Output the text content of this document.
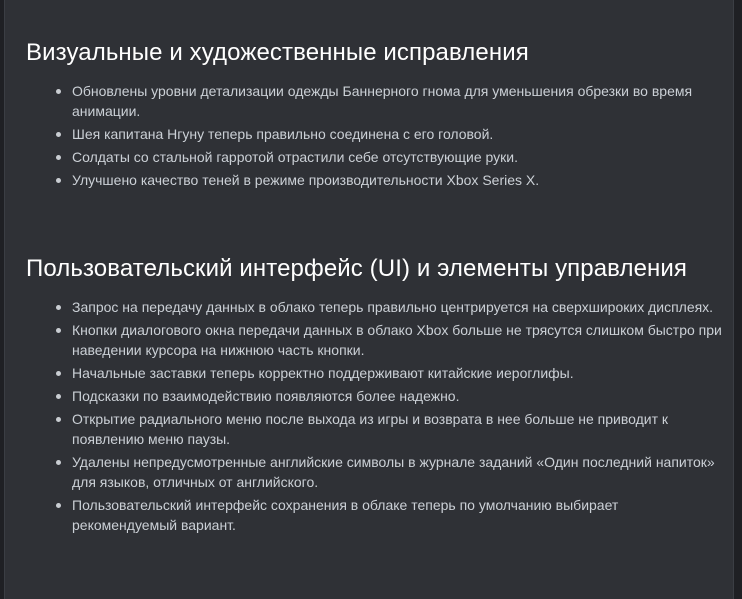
Визуальные и художественные исправления
Обновлены уровни детализации одежды Баннерного гнома для уменьшения обрезки во время анимации.
Шея капитана Нгуну теперь правильно соединена с его головой.
Солдаты со стальной гарротой отрастили себе отсутствующие руки.
Улучшено качество теней в режиме производительности Xbox Series X.
Пользовательский интерфейс (UI) и элементы управления
Запрос на передачу данных в облако теперь правильно центрируется на сверхшироких дисплеях.
Кнопки диалогового окна передачи данных в облако Xbox больше не трясутся слишком быстро при наведении курсора на нижнюю часть кнопки.
Начальные заставки теперь корректно поддерживают китайские иероглифы.
Подсказки по взаимодействию появляются более надежно.
Открытие радиального меню после выхода из игры и возврата в нее больше не приводит к появлению меню паузы.
Удалены непредусмотренные английские символы в журнале заданий «Один последний напиток» для языков, отличных от английского.
Пользовательский интерфейс сохранения в облаке теперь по умолчанию выбирает рекомендуемый вариант.
